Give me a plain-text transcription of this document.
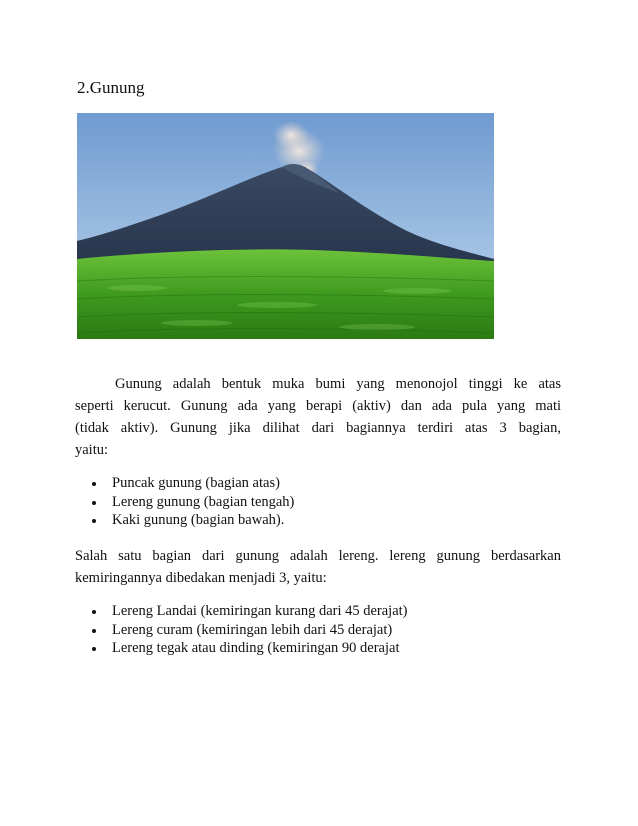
2.Gunung
Gunung adalah bentuk muka bumi yang menonojol tinggi ke atas
seperti kerucut. Gunung ada yang berapi (aktiv) dan ada pula yang mati
(tidak aktiv). Gunung jika dilihat dari bagiannya terdiri atas 3 bagian,
yaitu:
Puncak gunung (bagian atas)
Lereng gunung (bagian tengah)
Kaki gunung (bagian bawah).
Salah satu bagian dari gunung adalah lereng. lereng gunung berdasarkan
kemiringannya dibedakan menjadi 3, yaitu:
Lereng Landai (kemiringan kurang dari 45 derajat)
Lereng curam (kemiringan lebih dari 45 derajat)
Lereng tegak atau dinding (kemiringan 90 derajat
